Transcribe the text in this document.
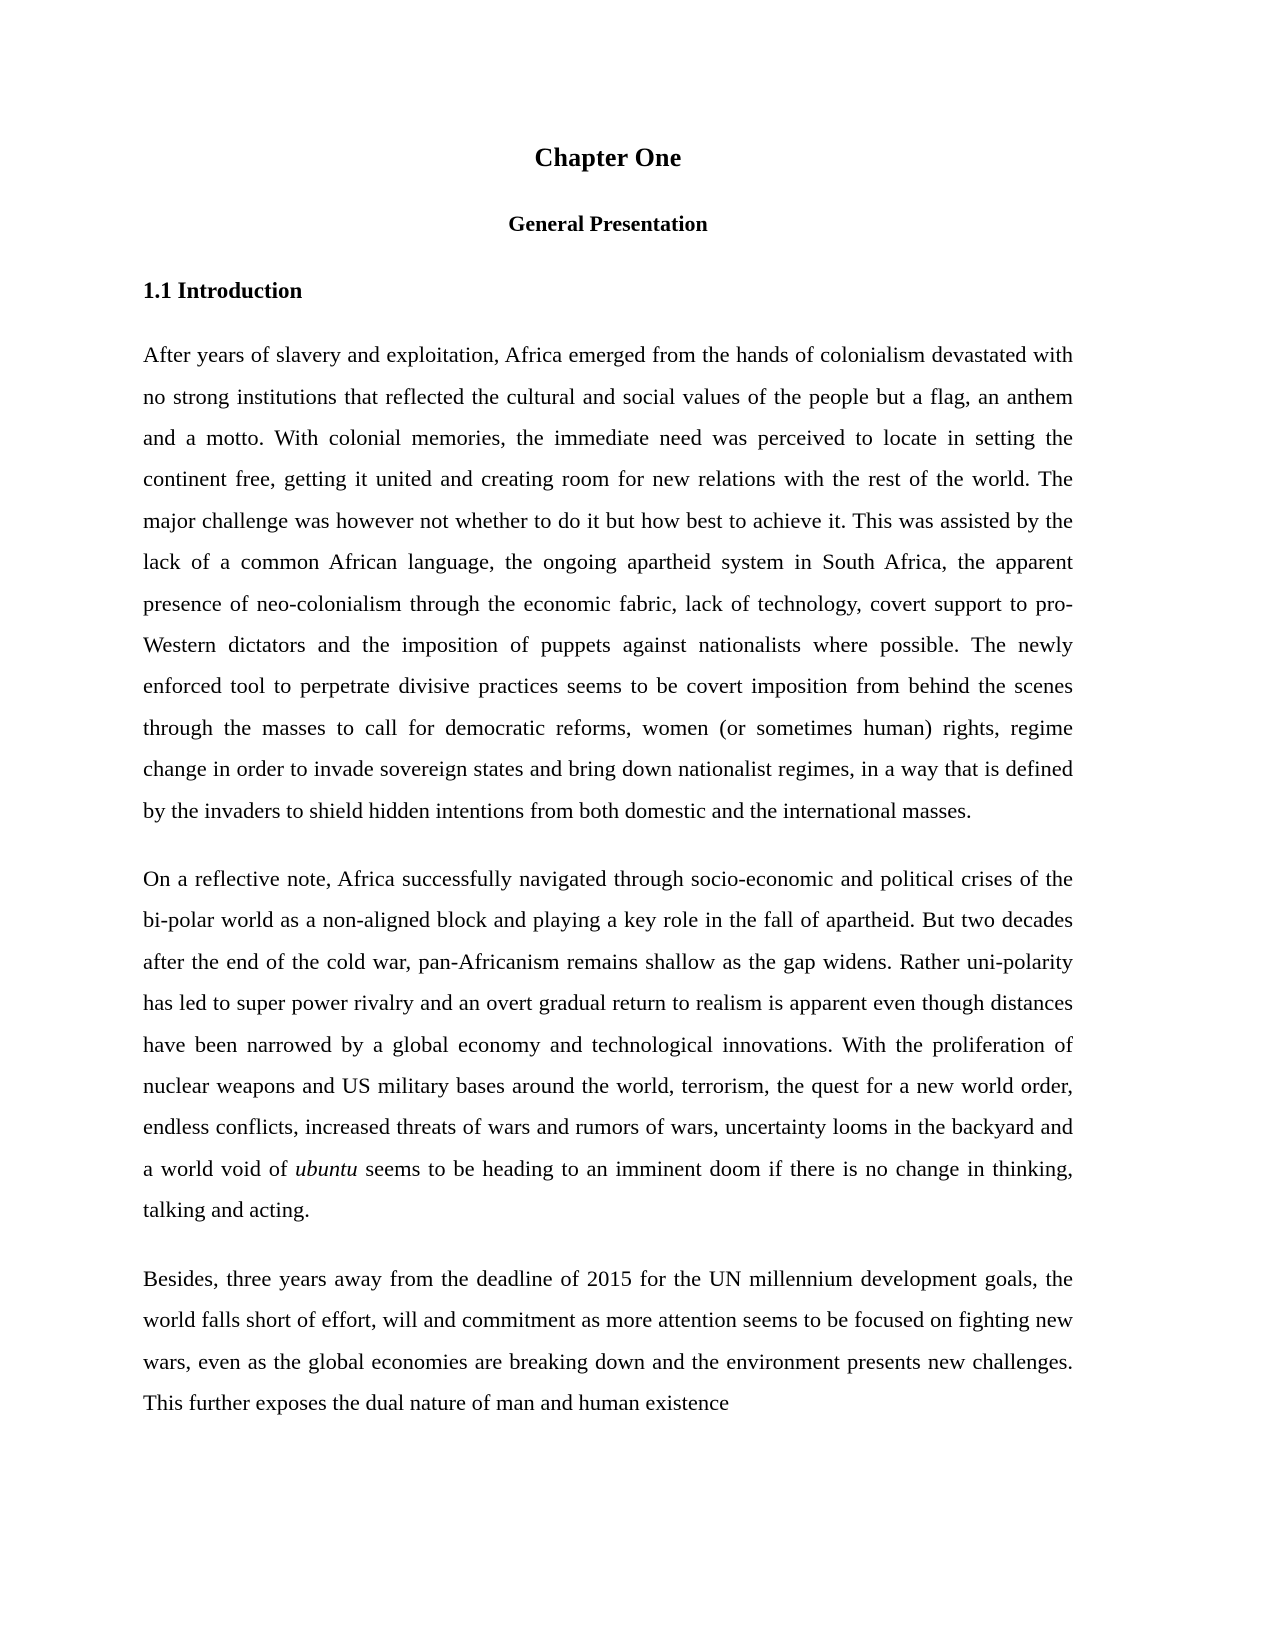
Chapter One
General Presentation
1.1 Introduction

After years of slavery and exploitation, Africa emerged from the hands of colonialism devastated with no strong institutions that reflected the cultural and social values of the people but a flag, an anthem and a motto. With colonial memories, the immediate need was perceived to locate in setting the continent free, getting it united and creating room for new relations with the rest of the world. The major challenge was however not whether to do it but how best to achieve it. This was assisted by the lack of a common African language, the ongoing apartheid system in South Africa, the apparent presence of neo-colonialism through the economic fabric, lack of technology, covert support to pro-Western dictators and the imposition of puppets against nationalists where possible. The newly enforced tool to perpetrate divisive practices seems to be covert imposition from behind the scenes through the masses to call for democratic reforms, women (or sometimes human) rights, regime change in order to invade sovereign states and bring down nationalist regimes, in a way that is defined by the invaders to shield hidden intentions from both domestic and the international masses.

On a reflective note, Africa successfully navigated through socio-economic and political crises of the bi-polar world as a non-aligned block and playing a key role in the fall of apartheid. But two decades after the end of the cold war, pan-Africanism remains shallow as the gap widens. Rather uni-polarity has led to super power rivalry and an overt gradual return to realism is apparent even though distances have been narrowed by a global economy and technological innovations. With the proliferation of nuclear weapons and US military bases around the world, terrorism, the quest for a new world order, endless conflicts, increased threats of wars and rumors of wars, uncertainty looms in the backyard and a world void of ubuntu seems to be heading to an imminent doom if there is no change in thinking, talking and acting.

Besides, three years away from the deadline of 2015 for the UN millennium development goals, the world falls short of effort, will and commitment as more attention seems to be focused on fighting new wars, even as the global economies are breaking down and the environment presents new challenges. This further exposes the dual nature of man and human existence
